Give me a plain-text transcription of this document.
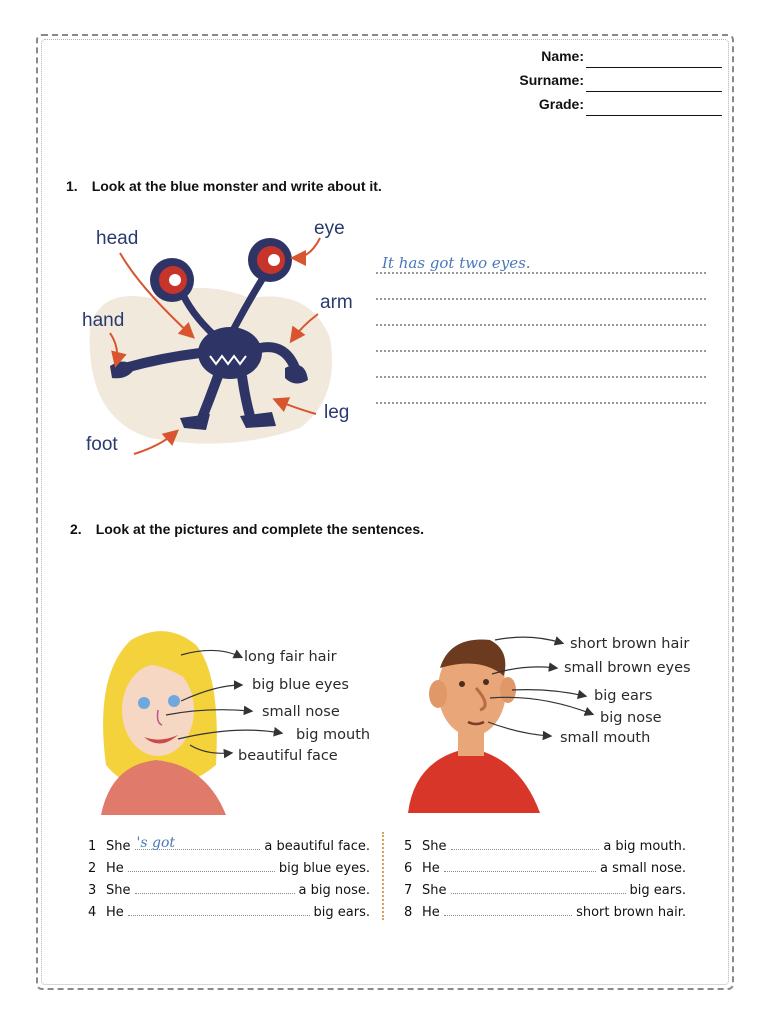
Name:
Surname:
Grade:
1. Look at the blue monster and write about it.
head	eye
hand
arm
leg
foot
It has got two eyes.
2. Look at the pictures and complete the sentences.
long fair hair
big blue eyes
small nose
big mouth
beautiful face
short brown hair
small brown eyes
big ears
big nose
small mouth
1 She 's got	a beautiful face.
2 He	big blue eyes.
3 She	a big nose.
4 He	big ears.
5 She	a big mouth.
6 He	a small nose.
7 She	big ears.
8 He	short brown hair.
